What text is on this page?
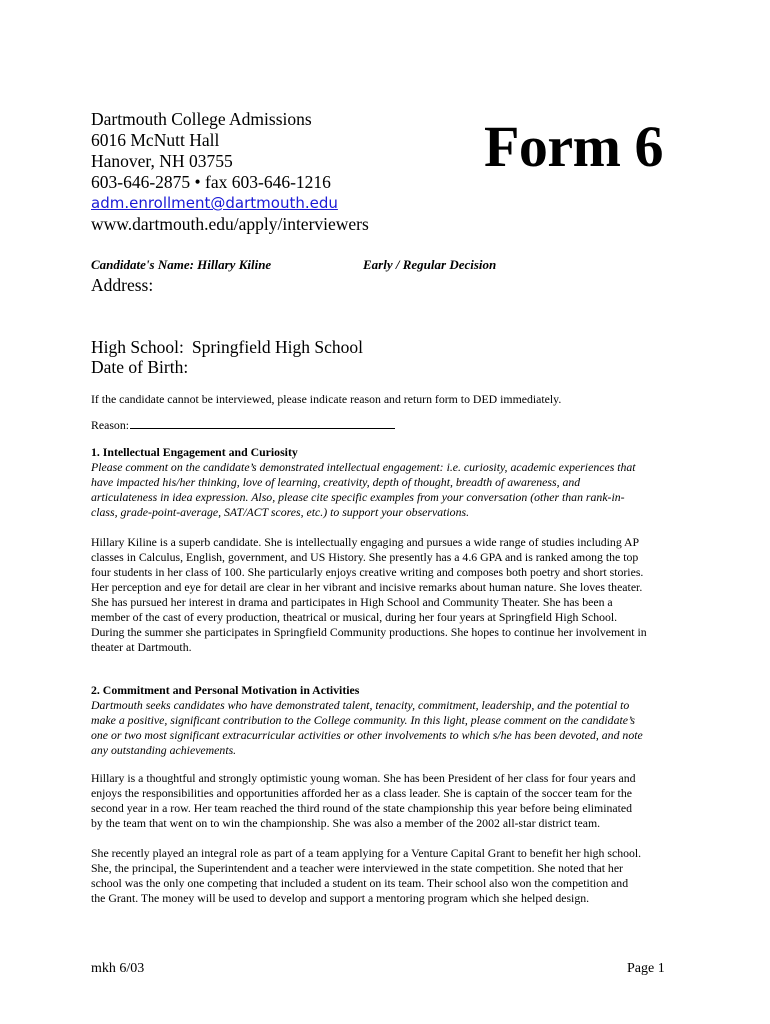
Dartmouth College Admissions
6016 McNutt Hall
Hanover, NH 03755
603-646-2875 • fax 603-646-1216
adm.enrollment@dartmouth.edu
www.dartmouth.edu/apply/interviewers
Form 6
Candidate's Name: Hillary Kiline	Early / Regular Decision
Address:
High School: Springfield High School
Date of Birth:
If the candidate cannot be interviewed, please indicate reason and return form to DED immediately.
Reason:
1. Intellectual Engagement and Curiosity
Please comment on the candidate’s demonstrated intellectual engagement: i.e. curiosity, academic experiences that
have impacted his/her thinking, love of learning, creativity, depth of thought, breadth of awareness, and
articulateness in idea expression. Also, please cite specific examples from your conversation (other than rank-in-
class, grade-point-average, SAT/ACT scores, etc.) to support your observations.
Hillary Kiline is a superb candidate. She is intellectually engaging and pursues a wide range of studies including AP
classes in Calculus, English, government, and US History. She presently has a 4.6 GPA and is ranked among the top
four students in her class of 100. She particularly enjoys creative writing and composes both poetry and short stories.
Her perception and eye for detail are clear in her vibrant and incisive remarks about human nature. She loves theater.
She has pursued her interest in drama and participates in High School and Community Theater. She has been a
member of the cast of every production, theatrical or musical, during her four years at Springfield High School.
During the summer she participates in Springfield Community productions. She hopes to continue her involvement in
theater at Dartmouth.
2. Commitment and Personal Motivation in Activities
Dartmouth seeks candidates who have demonstrated talent, tenacity, commitment, leadership, and the potential to
make a positive, significant contribution to the College community. In this light, please comment on the candidate’s
one or two most significant extracurricular activities or other involvements to which s/he has been devoted, and note
any outstanding achievements.
Hillary is a thoughtful and strongly optimistic young woman. She has been President of her class for four years and
enjoys the responsibilities and opportunities afforded her as a class leader. She is captain of the soccer team for the
second year in a row. Her team reached the third round of the state championship this year before being eliminated
by the team that went on to win the championship. She was also a member of the 2002 all-star district team.
She recently played an integral role as part of a team applying for a Venture Capital Grant to benefit her high school.
She, the principal, the Superintendent and a teacher were interviewed in the state competition. She noted that her
school was the only one competing that included a student on its team. Their school also won the competition and
the Grant. The money will be used to develop and support a mentoring program which she helped design.
mkh 6/03	Page 1
